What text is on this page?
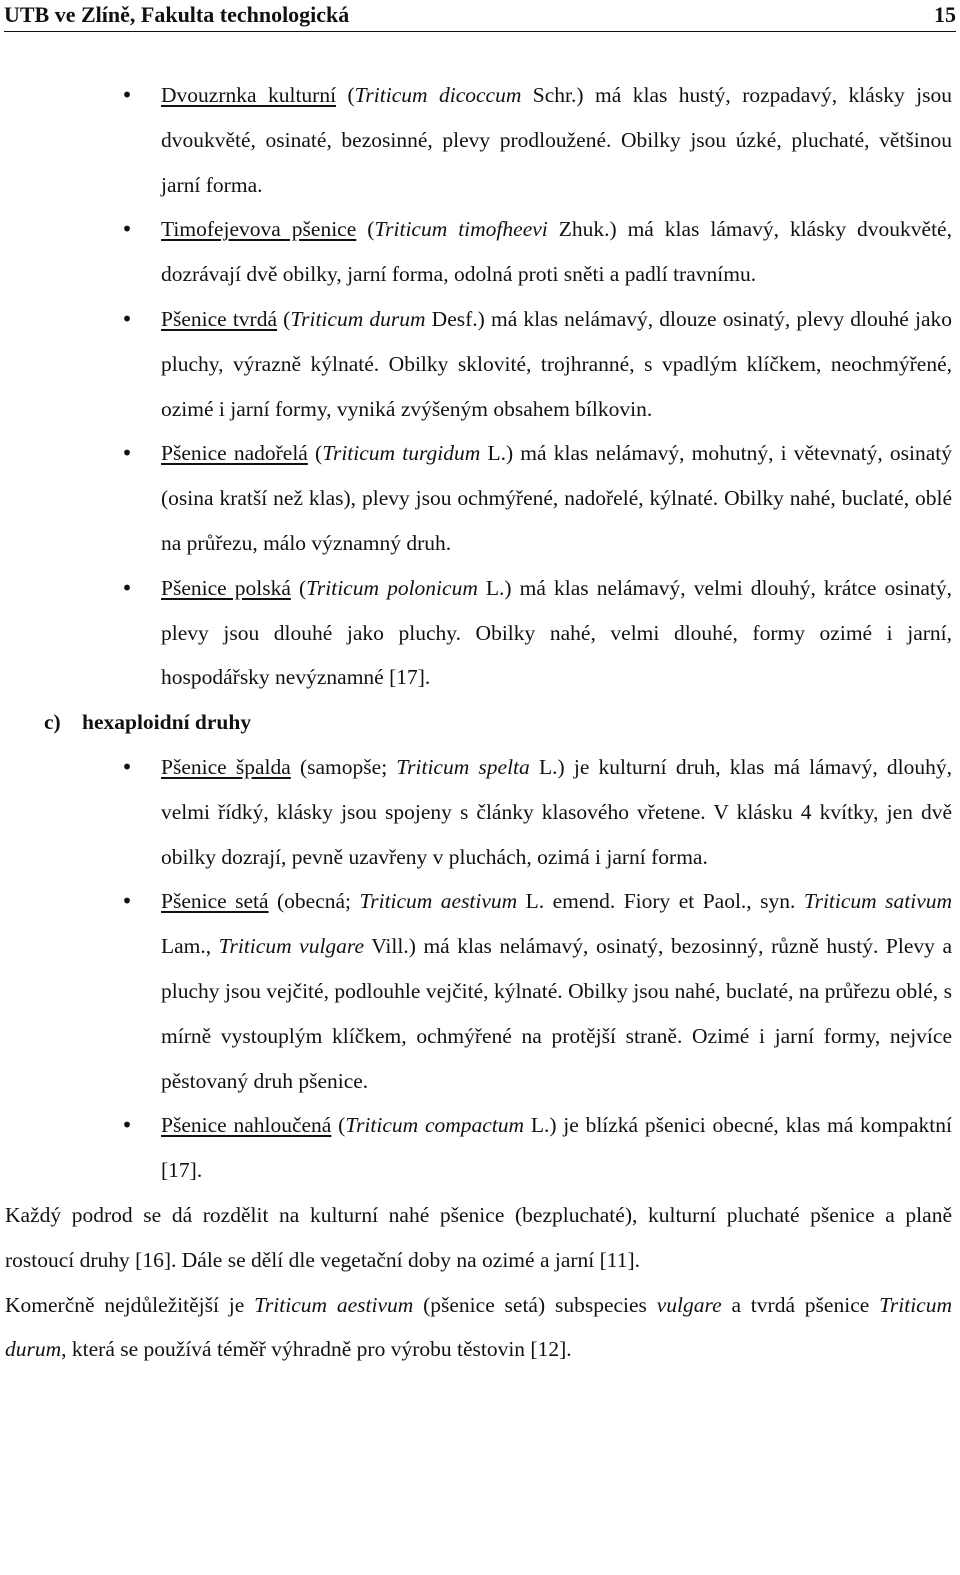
UTB ve Zlíně, Fakulta technologická	15
• Dvouzrnka kulturní (Triticum dicoccum Schr.) má klas hustý, rozpadavý, klásky jsou dvoukvěté, osinaté, bezosinné, plevy prodloužené. Obilky jsou úzké, pluchaté, většinou jarní forma.
• Timofejevova pšenice (Triticum timofheevi Zhuk.) má klas lámavý, klásky dvoukvěté, dozrávají dvě obilky, jarní forma, odolná proti sněti a padlí travnímu.
• Pšenice tvrdá (Triticum durum Desf.) má klas nelámavý, dlouze osinatý, plevy dlouhé jako pluchy, výrazně kýlnaté. Obilky sklovité, trojhranné, s vpadlým klíčkem, neochmýřené, ozimé i jarní formy, vyniká zvýšeným obsahem bílkovin.
• Pšenice nadořelá (Triticum turgidum L.) má klas nelámavý, mohutný, i větevnatý, osinatý (osina kratší než klas), plevy jsou ochmýřené, nadořelé, kýlnaté. Obilky nahé, buclaté, oblé na průřezu, málo významný druh.
• Pšenice polská (Triticum polonicum L.) má klas nelámavý, velmi dlouhý, krátce osinatý, plevy jsou dlouhé jako pluchy. Obilky nahé, velmi dlouhé, formy ozimé i jarní, hospodářsky nevýznamné [17].
c) hexaploidní druhy
• Pšenice špalda (samopše; Triticum spelta L.) je kulturní druh, klas má lámavý, dlouhý, velmi řídký, klásky jsou spojeny s články klasového vřetene. V klásku 4 kvítky, jen dvě obilky dozrají, pevně uzavřeny v pluchách, ozimá i jarní forma.
• Pšenice setá (obecná; Triticum aestivum L. emend. Fiory et Paol., syn. Triticum sativum Lam., Triticum vulgare Vill.) má klas nelámavý, osinatý, bezosinný, různě hustý. Plevy a pluchy jsou vejčité, podlouhle vejčité, kýlnaté. Obilky jsou nahé, buclaté, na průřezu oblé, s mírně vystouplým klíčkem, ochmýřené na protější straně. Ozimé i jarní formy, nejvíce pěstovaný druh pšenice.
• Pšenice nahloučená (Triticum compactum L.) je blízká pšenici obecné, klas má kompaktní [17].

Každý podrod se dá rozdělit na kulturní nahé pšenice (bezpluchaté), kulturní pluchaté pšenice a planě rostoucí druhy [16]. Dále se dělí dle vegetační doby na ozimé a jarní [11].

Komerčně nejdůležitější je Triticum aestivum (pšenice setá) subspecies vulgare a tvrdá pšenice Triticum durum, která se používá téměř výhradně pro výrobu těstovin [12].
